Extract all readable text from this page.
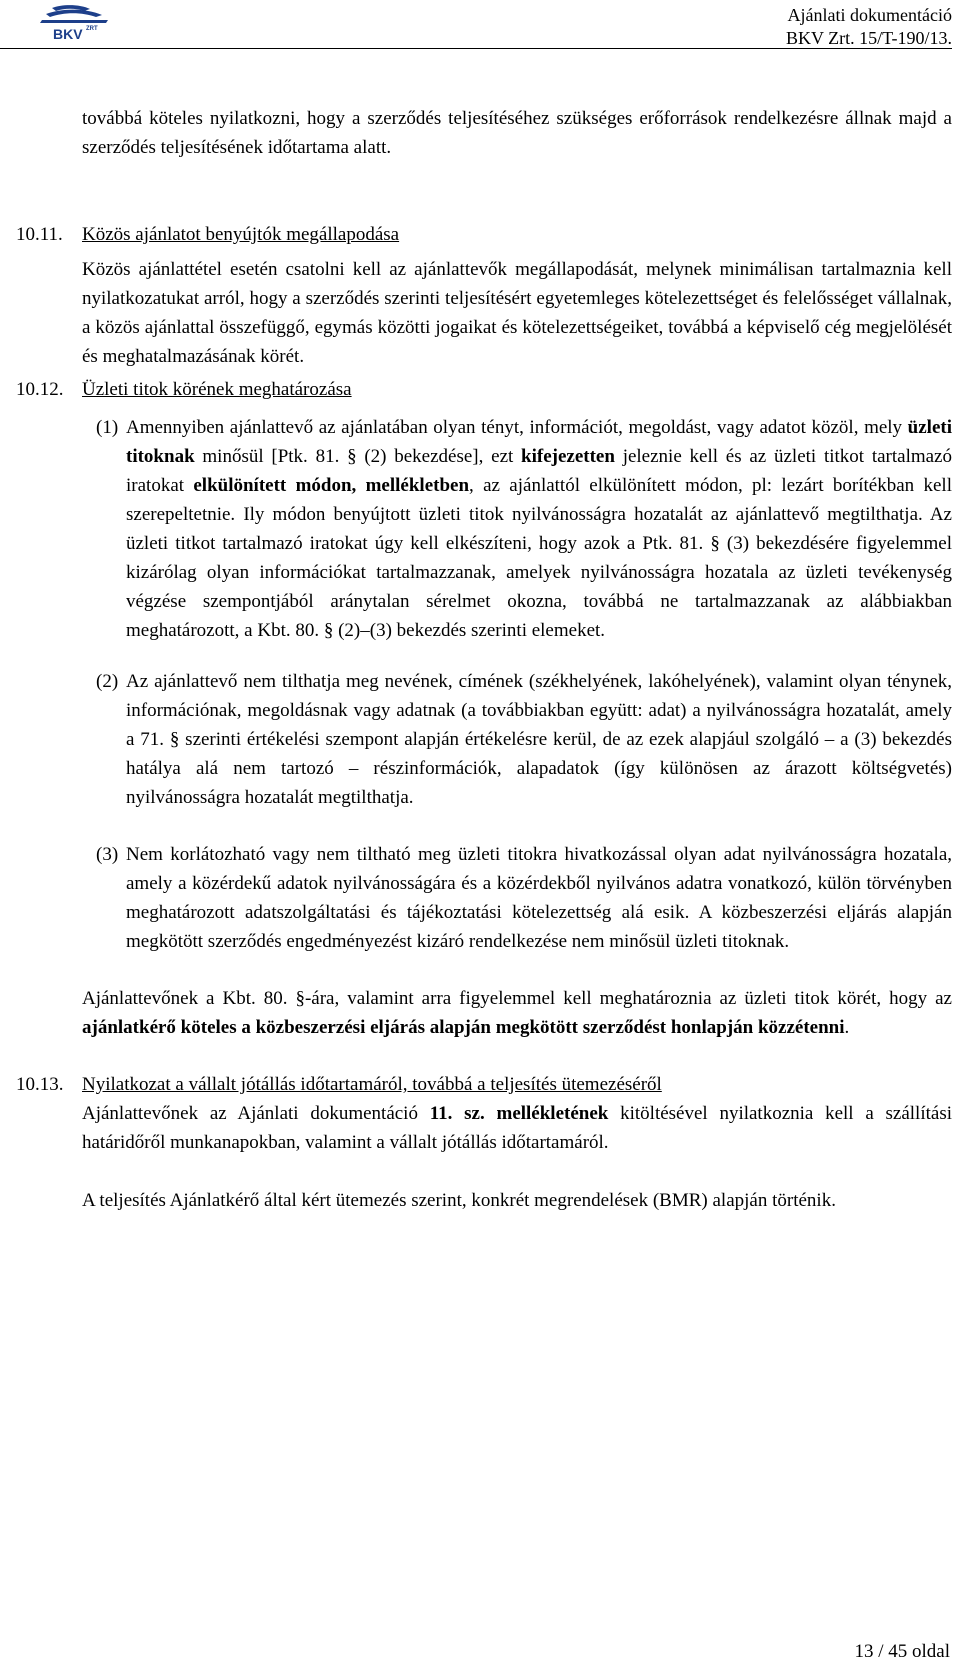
BKV ZRT
Ajánlati dokumentáció
BKV Zrt. 15/T-190/13.

továbbá köteles nyilatkozni, hogy a szerződés teljesítéséhez szükséges erőforrások rendelkezésre állnak majd a szerződés teljesítésének időtartama alatt.

10.11. Közös ajánlatot benyújtók megállapodása

Közös ajánlattétel esetén csatolni kell az ajánlattevők megállapodását, melynek minimálisan tartalmaznia kell nyilatkozatukat arról, hogy a szerződés szerinti teljesítésért egyetemleges kötelezettséget és felelősséget vállalnak, a közös ajánlattal összefüggő, egymás közötti jogaikat és kötelezettségeiket, továbbá a képviselő cég megjelölését és meghatalmazásának körét.

10.12. Üzleti titok körének meghatározása

(1) Amennyiben ajánlattevő az ajánlatában olyan tényt, információt, megoldást, vagy adatot közöl, mely üzleti titoknak minősül [Ptk. 81. § (2) bekezdése], ezt kifejezetten jeleznie kell és az üzleti titkot tartalmazó iratokat elkülönített módon, mellékletben, az ajánlattól elkülönített módon, pl: lezárt borítékban kell szerepeltetnie. Ily módon benyújtott üzleti titok nyilvánosságra hozatalát az ajánlattevő megtilthatja. Az üzleti titkot tartalmazó iratokat úgy kell elkészíteni, hogy azok a Ptk. 81. § (3) bekezdésére figyelemmel kizárólag olyan információkat tartalmazzanak, amelyek nyilvánosságra hozatala az üzleti tevékenység végzése szempontjából aránytalan sérelmet okozna, továbbá ne tartalmazzanak az alábbiakban meghatározott, a Kbt. 80. § (2)–(3) bekezdés szerinti elemeket.

(2) Az ajánlattevő nem tilthatja meg nevének, címének (székhelyének, lakóhelyének), valamint olyan ténynek, információnak, megoldásnak vagy adatnak (a továbbiakban együtt: adat) a nyilvánosságra hozatalát, amely a 71. § szerinti értékelési szempont alapján értékelésre kerül, de az ezek alapjául szolgáló – a (3) bekezdés hatálya alá nem tartozó – részinformációk, alapadatok (így különösen az árazott költségvetés) nyilvánosságra hozatalát megtilthatja.

(3) Nem korlátozható vagy nem tiltható meg üzleti titokra hivatkozással olyan adat nyilvánosságra hozatala, amely a közérdekű adatok nyilvánosságára és a közérdekből nyilvános adatra vonatkozó, külön törvényben meghatározott adatszolgáltatási és tájékoztatási kötelezettség alá esik. A közbeszerzési eljárás alapján megkötött szerződés engedményezést kizáró rendelkezése nem minősül üzleti titoknak.

Ajánlattevőnek a Kbt. 80. §-ára, valamint arra figyelemmel kell meghatároznia az üzleti titok körét, hogy az ajánlatkérő köteles a közbeszerzési eljárás alapján megkötött szerződést honlapján közzétenni.

10.13. Nyilatkozat a vállalt jótállás időtartamáról, továbbá a teljesítés ütemezéséről

Ajánlattevőnek az Ajánlati dokumentáció 11. sz. mellékletének kitöltésével nyilatkoznia kell a szállítási határidőről munkanapokban, valamint a vállalt jótállás időtartamáról.

A teljesítés Ajánlatkérő által kért ütemezés szerint, konkrét megrendelések (BMR) alapján történik.

13 / 45 oldal
